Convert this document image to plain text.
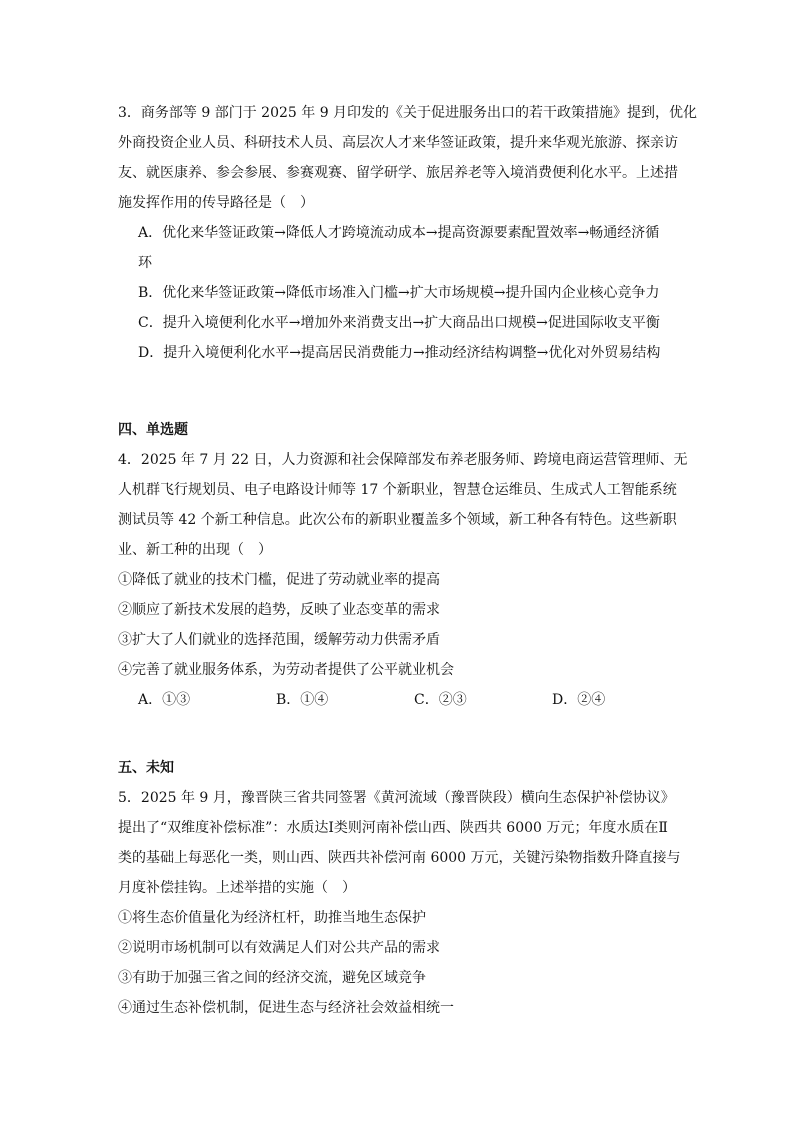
3．商务部等 9 部门于 2025 年 9 月印发的《关于促进服务出口的若干政策措施》提到，优化
外商投资企业人员、科研技术人员、高层次人才来华签证政策，提升来华观光旅游、探亲访
友、就医康养、参会参展、参赛观赛、留学研学、旅居养老等入境消费便利化水平。上述措
施发挥作用的传导路径是（　）
A．优化来华签证政策→降低人才跨境流动成本→提高资源要素配置效率→畅通经济循
环
B．优化来华签证政策→降低市场准入门槛→扩大市场规模→提升国内企业核心竞争力
C．提升入境便利化水平→增加外来消费支出→扩大商品出口规模→促进国际收支平衡
D．提升入境便利化水平→提高居民消费能力→推动经济结构调整→优化对外贸易结构
四、单选题
4．2025 年 7 月 22 日，人力资源和社会保障部发布养老服务师、跨境电商运营管理师、无
人机群飞行规划员、电子电路设计师等 17 个新职业，智慧仓运维员、生成式人工智能系统
测试员等 42 个新工种信息。此次公布的新职业覆盖多个领域，新工种各有特色。这些新职
业、新工种的出现（　）
①降低了就业的技术门槛，促进了劳动就业率的提高
②顺应了新技术发展的趋势，反映了业态变革的需求
③扩大了人们就业的选择范围，缓解劳动力供需矛盾
④完善了就业服务体系，为劳动者提供了公平就业机会
A．①③	B．①④	C．②③	D．②④
五、未知
5．2025 年 9 月，豫晋陕三省共同签署《黄河流域（豫晋陕段）横向生态保护补偿协议》
提出了“双维度补偿标准”：水质达Ⅰ类则河南补偿山西、陕西共 6000 万元；年度水质在Ⅱ
类的基础上每恶化一类，则山西、陕西共补偿河南 6000 万元，关键污染物指数升降直接与
月度补偿挂钩。上述举措的实施（　）
①将生态价值量化为经济杠杆，助推当地生态保护
②说明市场机制可以有效满足人们对公共产品的需求
③有助于加强三省之间的经济交流，避免区域竞争
④通过生态补偿机制，促进生态与经济社会效益相统一
